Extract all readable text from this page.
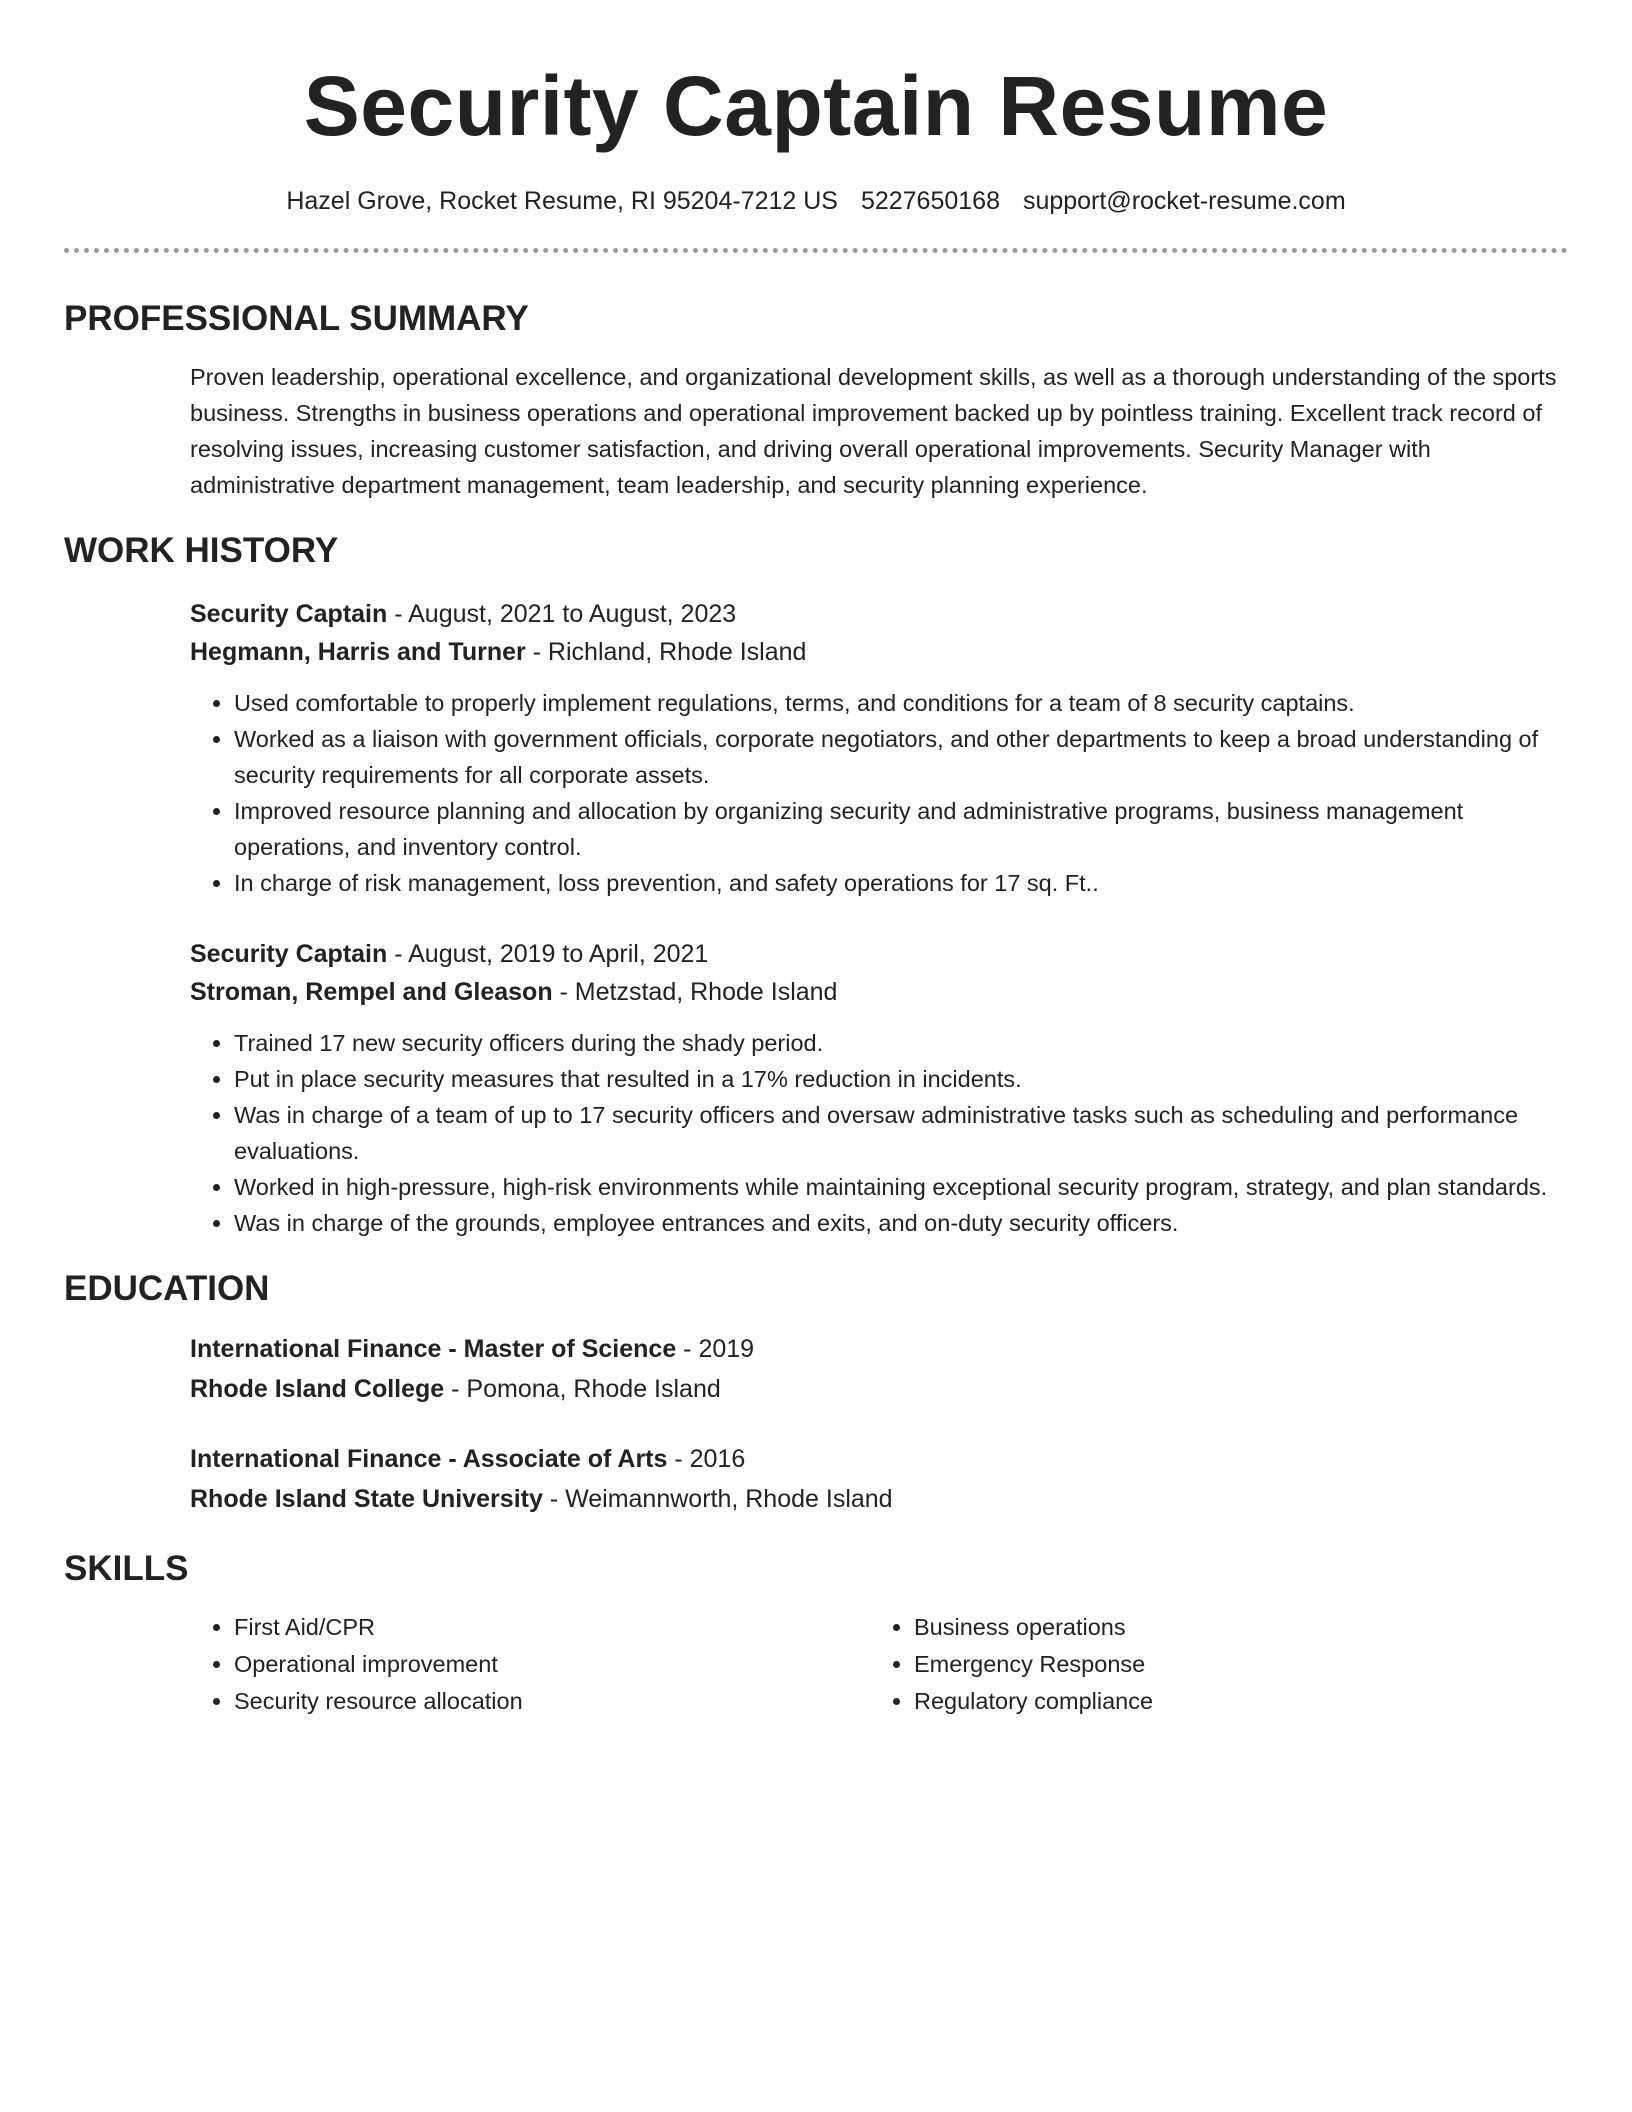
Security Captain Resume
Hazel Grove, Rocket Resume, RI 95204-7212 US 5227650168 support@rocket-resume.com
PROFESSIONAL SUMMARY
Proven leadership, operational excellence, and organizational development skills, as well as a thorough understanding of the sports business. Strengths in business operations and operational improvement backed up by pointless training. Excellent track record of resolving issues, increasing customer satisfaction, and driving overall operational improvements. Security Manager with administrative department management, team leadership, and security planning experience.
WORK HISTORY
Security Captain - August, 2021 to August, 2023
Hegmann, Harris and Turner - Richland, Rhode Island
• Used comfortable to properly implement regulations, terms, and conditions for a team of 8 security captains.
• Worked as a liaison with government officials, corporate negotiators, and other departments to keep a broad understanding of security requirements for all corporate assets.
• Improved resource planning and allocation by organizing security and administrative programs, business management operations, and inventory control.
• In charge of risk management, loss prevention, and safety operations for 17 sq. Ft..
Security Captain - August, 2019 to April, 2021
Stroman, Rempel and Gleason - Metzstad, Rhode Island
• Trained 17 new security officers during the shady period.
• Put in place security measures that resulted in a 17% reduction in incidents.
• Was in charge of a team of up to 17 security officers and oversaw administrative tasks such as scheduling and performance evaluations.
• Worked in high-pressure, high-risk environments while maintaining exceptional security program, strategy, and plan standards.
• Was in charge of the grounds, employee entrances and exits, and on-duty security officers.
EDUCATION
International Finance - Master of Science - 2019
Rhode Island College - Pomona, Rhode Island
International Finance - Associate of Arts - 2016
Rhode Island State University - Weimannworth, Rhode Island
SKILLS
• First Aid/CPR
• Operational improvement
• Security resource allocation
• Business operations
• Emergency Response
• Regulatory compliance
